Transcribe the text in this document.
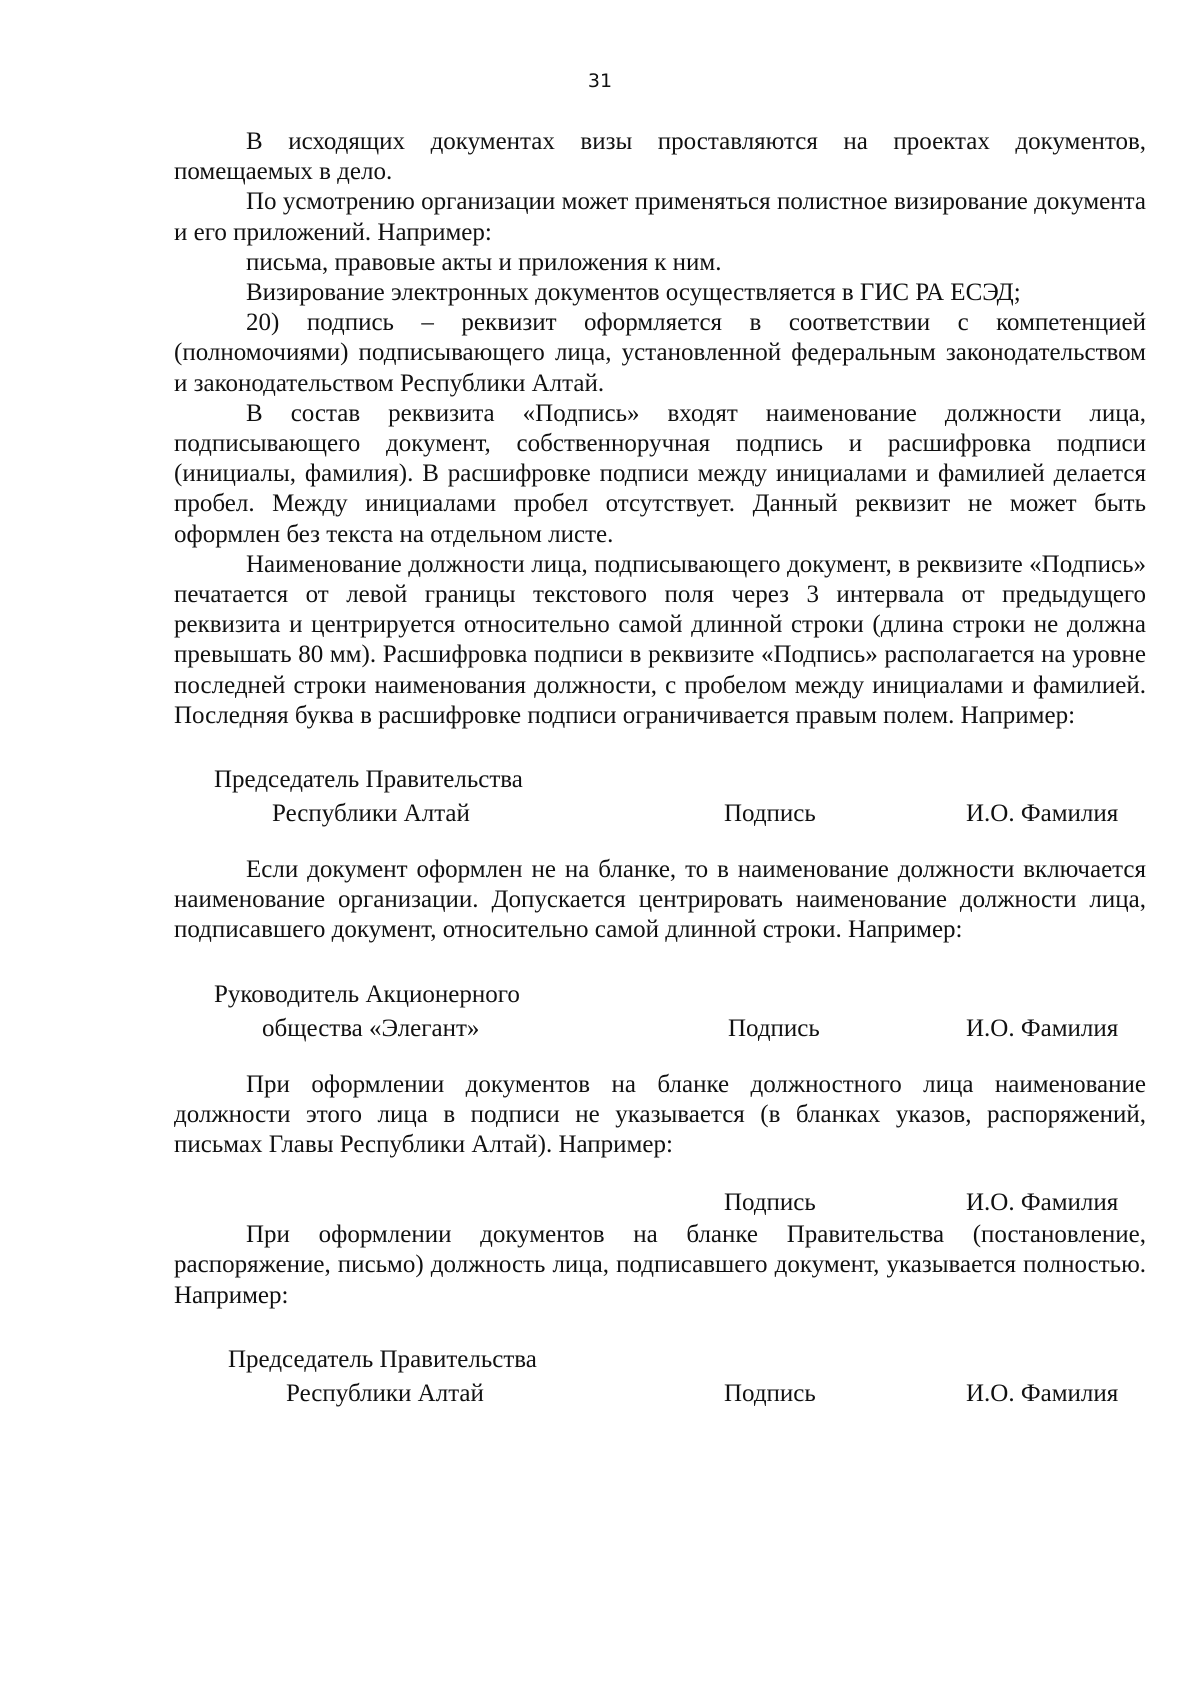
31

В исходящих документах визы проставляются на проектах документов, помещаемых в дело.

По усмотрению организации может применяться полистное визирование документа и его приложений. Например:

письма, правовые акты и приложения к ним.

Визирование электронных документов осуществляется в ГИС РА ЕСЭД;

20) подпись – реквизит оформляется в соответствии с компетенцией (полномочиями) подписывающего лица, установленной федеральным законодательством и законодательством Республики Алтай.

В состав реквизита «Подпись» входят наименование должности лица, подписывающего документ, собственноручная подпись и расшифровка подписи (инициалы, фамилия). В расшифровке подписи между инициалами и фамилией делается пробел. Между инициалами пробел отсутствует. Данный реквизит не может быть оформлен без текста на отдельном листе.

Наименование должности лица, подписывающего документ, в реквизите «Подпись» печатается от левой границы текстового поля через 3 интервала от предыдущего реквизита и центрируется относительно самой длинной строки (длина строки не должна превышать 80 мм). Расшифровка подписи в реквизите «Подпись» располагается на уровне последней строки наименования должности, с пробелом между инициалами и фамилией. Последняя буква в расшифровке подписи ограничивается правым полем. Например:

Председатель Правительства
Республики Алтай	Подпись	И.О. Фамилия

Если документ оформлен не на бланке, то в наименование должности включается наименование организации. Допускается центрировать наименование должности лица, подписавшего документ, относительно самой длинной строки. Например:

Руководитель Акционерного
общества «Элегант»	Подпись	И.О. Фамилия

При оформлении документов на бланке должностного лица наименование должности этого лица в подписи не указывается (в бланках указов, распоряжений, письмах Главы Республики Алтай). Например:

Подпись	И.О. Фамилия

При оформлении документов на бланке Правительства (постановление, распоряжение, письмо) должность лица, подписавшего документ, указывается полностью. Например:

Председатель Правительства
Республики Алтай	Подпись	И.О. Фамилия
